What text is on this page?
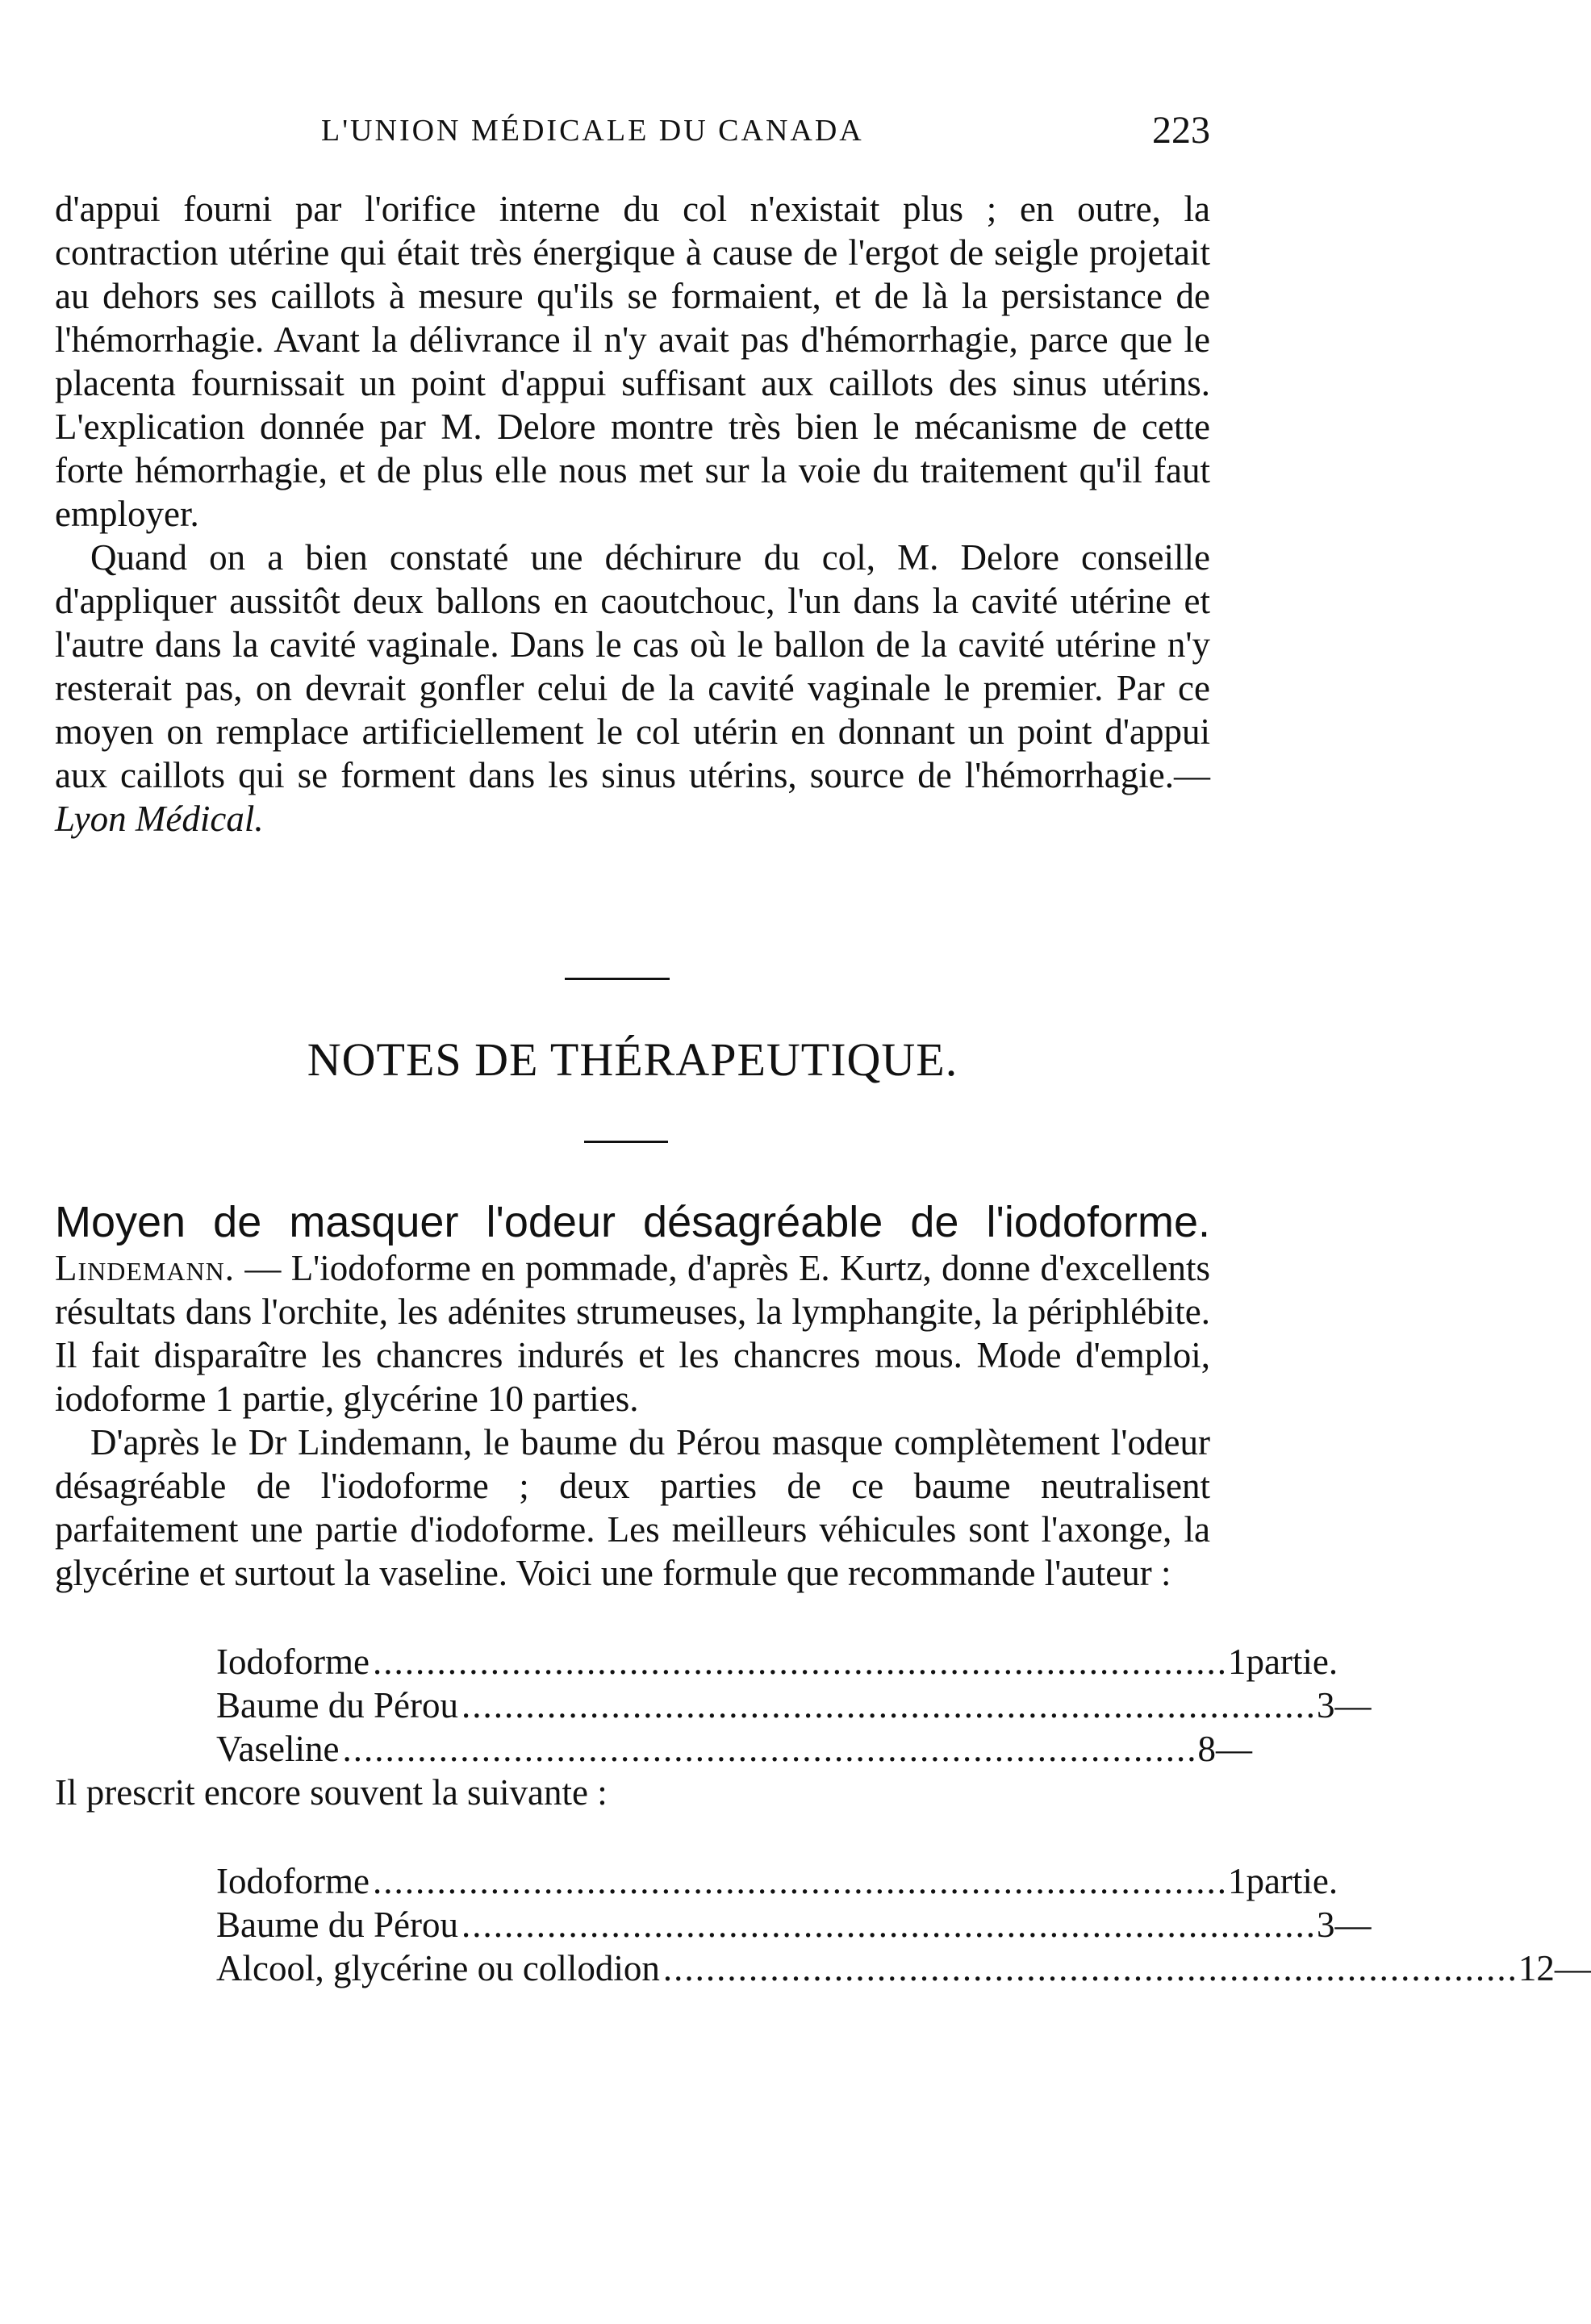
L'UNION MÉDICALE DU CANADA	223

d'appui fourni par l'orifice interne du col n'existait plus ; en outre, la contraction utérine qui était très énergique à cause de l'ergot de seigle projetait au dehors ses caillots à mesure qu'ils se formaient, et de là la persistance de l'hémorrhagie. Avant la délivrance il n'y avait pas d'hémorrhagie, parce que le placenta fournissait un point d'appui suffisant aux caillots des sinus utérins. L'explication donnée par M. Delore montre très bien le mécanisme de cette forte hémorrhagie, et de plus elle nous met sur la voie du traitement qu'il faut employer.

Quand on a bien constaté une déchirure du col, M. Delore conseille d'appliquer aussitôt deux ballons en caoutchouc, l'un dans la cavité utérine et l'autre dans la cavité vaginale. Dans le cas où le ballon de la cavité utérine n'y resterait pas, on devrait gonfler celui de la cavité vaginale le premier. Par ce moyen on remplace artificiellement le col utérin en donnant un point d'appui aux caillots qui se forment dans les sinus utérins, source de l'hémorrhagie.—Lyon Médical.

NOTES DE THÉRAPEUTIQUE.

Moyen de masquer l'odeur désagréable de l'iodoforme. Lindemann. — L'iodoforme en pommade, d'après E. Kurtz, donne d'excellents résultats dans l'orchite, les adénites strumeuses, la lymphangite, la périphlébite. Il fait disparaître les chancres indurés et les chancres mous. Mode d'emploi, iodoforme 1 partie, glycérine 10 parties.

D'après le Dr Lindemann, le baume du Pérou masque complètement l'odeur désagréable de l'iodoforme ; deux parties de ce baume neutralisent parfaitement une partie d'iodoforme. Les meilleurs véhicules sont l'axonge, la glycérine et surtout la vaseline. Voici une formule que recommande l'auteur :

Iodoforme................................................................................ 1 partie.
Baume du Pérou................................................................................ 3 —
Vaseline................................................................................ 8 —

Il prescrit encore souvent la suivante :

Iodoforme................................................................................ 1 partie.
Baume du Pérou................................................................................ 3 —
Alcool, glycérine ou collodion................................................................................ 12 —
